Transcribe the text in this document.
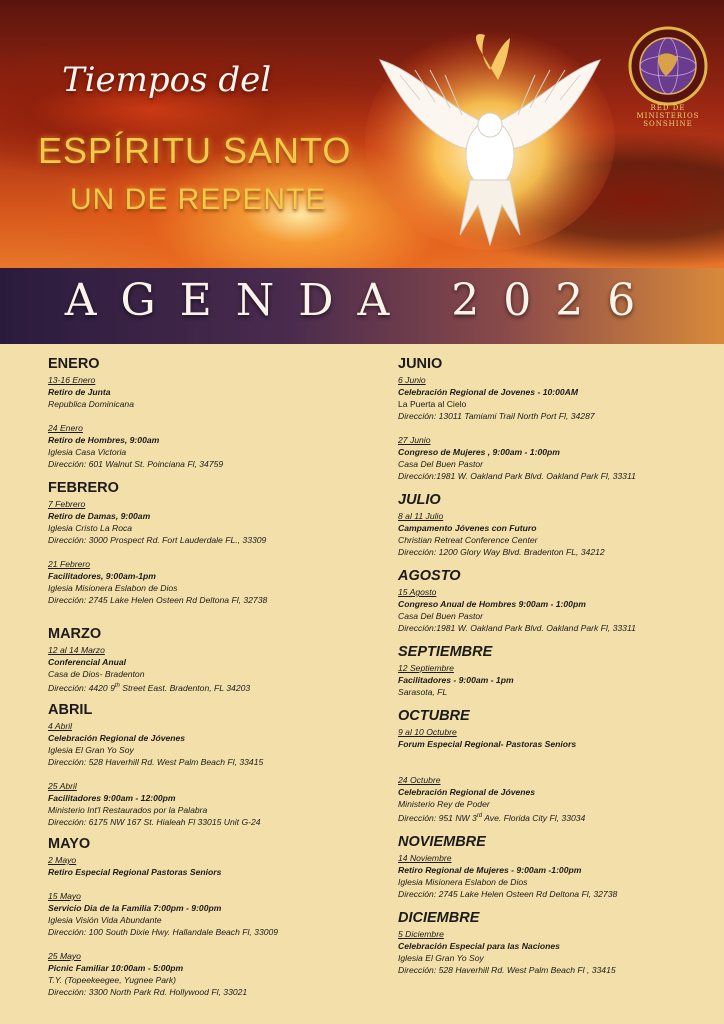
Tiempos del
ESPÍRITU SANTO
UN DE REPENTE
RED DE MINISTERIOS SONSHINE
AGENDA 2026
ENERO
13-16 Enero
Retiro de Junta
Republica Dominicana
24 Enero
Retiro de Hombres, 9:00am
Iglesia Casa Victoria
Dirección: 601 Walnut St. Poinciana Fl, 34759
FEBRERO
7 Febrero
Retiro de Damas, 9:00am
Iglesia Cristo La Roca
Dirección: 3000 Prospect Rd. Fort Lauderdale FL., 33309
21 Febrero
Facilitadores, 9:00am-1pm
Iglesia Misionera Eslabon de Dios
Dirección: 2745 Lake Helen Osteen Rd Deltona Fl, 32738
MARZO
12 al 14 Marzo
Conferencial Anual
Casa de Dios- Bradenton
Dirección: 4420 9th Street East. Bradenton, FL 34203
ABRIL
4 Abril
Celebración Regional de Jóvenes
Iglesia El Gran Yo Soy
Dirección: 528 Haverhill Rd. West Palm Beach Fl, 33415
25 Abril
Facilitadores 9:00am - 12:00pm
Ministerio Int'l Restaurados por la Palabra
Dirección: 6175 NW 167 St. Hialeah Fl 33015 Unit G-24
MAYO
2 Mayo
Retiro Especial Regional Pastoras Seniors
15 Mayo
Servicio Dia de la Familia 7:00pm - 9:00pm
Iglesia Visión Vida Abundante
Dirección: 100 South Dixie Hwy. Hallandale Beach Fl, 33009
25 Mayo
Picnic Familiar 10:00am - 5:00pm
T.Y. (Topeekeegee, Yugnee Park)
Dirección: 3300 North Park Rd. Hollywood Fl, 33021
JUNIO
6 Junio
Celebración Regional de Jovenes - 10:00AM
La Puerta al Cielo
Dirección: 13011 Tamiami Trail North Port Fl, 34287
27 Junio
Congreso de Mujeres , 9:00am - 1:00pm
Casa Del Buen Pastor
Dirección:1981 W. Oakland Park Blvd. Oakland Park Fl, 33311
JULIO
8 al 11 Julio
Campamento Jóvenes con Futuro
Christian Retreat Conference Center
Dirección: 1200 Glory Way Blvd. Bradenton FL, 34212
AGOSTO
15 Agosto
Congreso Anual de Hombres 9:00am - 1:00pm
Casa Del Buen Pastor
Dirección:1981 W. Oakland Park Blvd. Oakland Park Fl, 33311
SEPTIEMBRE
12 Septiembre
Facilitadores - 9:00am - 1pm
Sarasota, FL
OCTUBRE
9 al 10 Octubre
Forum Especial Regional- Pastoras Seniors
24 Octubre
Celebración Regional de Jóvenes
Ministerio Rey de Poder
Dirección: 951 NW 3rd Ave. Florida City Fl, 33034
NOVIEMBRE
14 Noviembre
Retiro Regional de Mujeres - 9:00am -1:00pm
Iglesia Misionera Eslabon de Dios
Dirección: 2745 Lake Helen Osteen Rd Deltona Fl, 32738
DICIEMBRE
5 Diciembre
Celebración Especial para las Naciones
Iglesia El Gran Yo Soy
Dirección: 528 Haverhill Rd. West Palm Beach Fl , 33415
